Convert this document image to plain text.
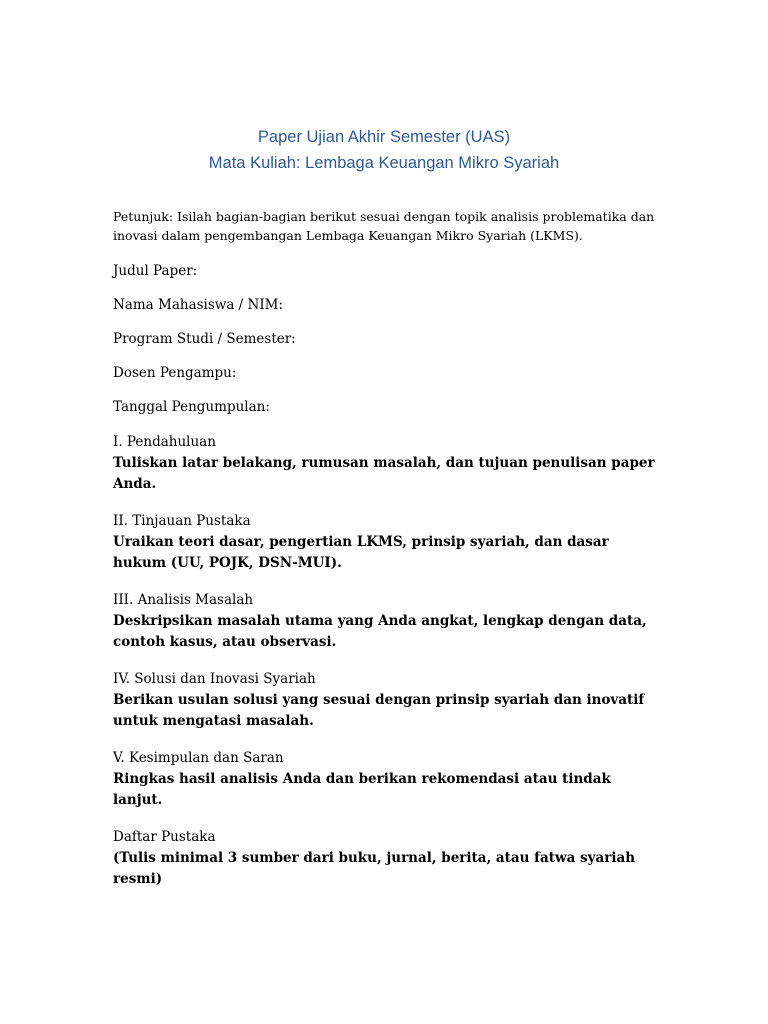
Paper Ujian Akhir Semester (UAS)
Mata Kuliah: Lembaga Keuangan Mikro Syariah

Petunjuk: Isilah bagian-bagian berikut sesuai dengan topik analisis problematika dan inovasi dalam pengembangan Lembaga Keuangan Mikro Syariah (LKMS).

Judul Paper:

Nama Mahasiswa / NIM:

Program Studi / Semester:

Dosen Pengampu:

Tanggal Pengumpulan:

I. Pendahuluan

Tuliskan latar belakang, rumusan masalah, dan tujuan penulisan paper Anda.

II. Tinjauan Pustaka

Uraikan teori dasar, pengertian LKMS, prinsip syariah, dan dasar hukum (UU, POJK, DSN-MUI).

III. Analisis Masalah

Deskripsikan masalah utama yang Anda angkat, lengkap dengan data, contoh kasus, atau observasi.

IV. Solusi dan Inovasi Syariah

Berikan usulan solusi yang sesuai dengan prinsip syariah dan inovatif untuk mengatasi masalah.

V. Kesimpulan dan Saran

Ringkas hasil analisis Anda dan berikan rekomendasi atau tindak lanjut.

Daftar Pustaka

(Tulis minimal 3 sumber dari buku, jurnal, berita, atau fatwa syariah resmi)
